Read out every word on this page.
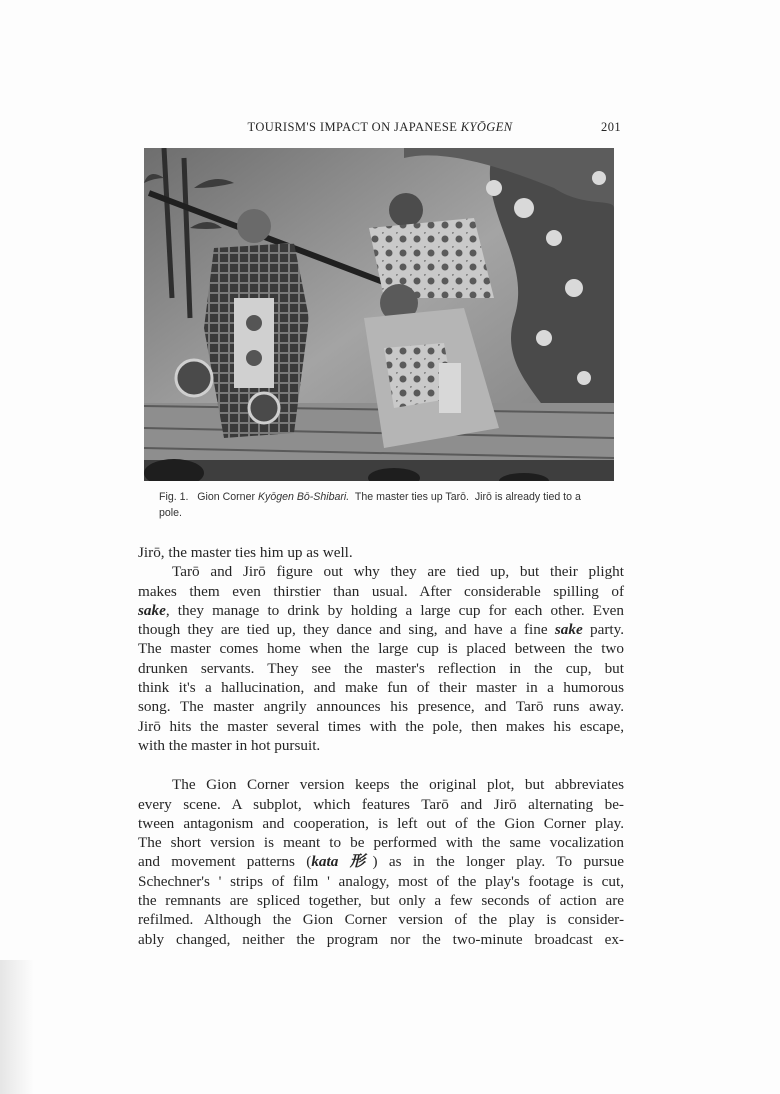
TOURISM'S IMPACT ON JAPANESE KYŌGEN	201
Fig. 1. Gion Corner Kyōgen Bō-Shibari.  The master ties up Tarō.  Jirō is already tied to a pole.
Jirō, the master ties him up as well.
Tarō and Jirō figure out why they are tied up, but their plight
makes them even thirstier than usual. After considerable spilling of
sake, they manage to drink by holding a large cup for each other. Even
though they are tied up, they dance and sing, and have a fine sake party.
The master comes home when the large cup is placed between the two
drunken servants. They see the master's reflection in the cup, but
think it's a hallucination, and make fun of their master in a humorous
song. The master angrily announces his presence, and Tarō runs away.
Jirō hits the master several times with the pole, then makes his escape,
with the master in hot pursuit.
The Gion Corner version keeps the original plot, but abbreviates
every scene. A subplot, which features Tarō and Jirō alternating be-
tween antagonism and cooperation, is left out of the Gion Corner play.
The short version is meant to be performed with the same vocalization
and movement patterns (kata 形) as in the longer play. To pursue
Schechner's ' strips of film ' analogy, most of the play's footage is cut,
the remnants are spliced together, but only a few seconds of action are
refilmed. Although the Gion Corner version of the play is consider-
ably changed, neither the program nor the two-minute broadcast ex-
